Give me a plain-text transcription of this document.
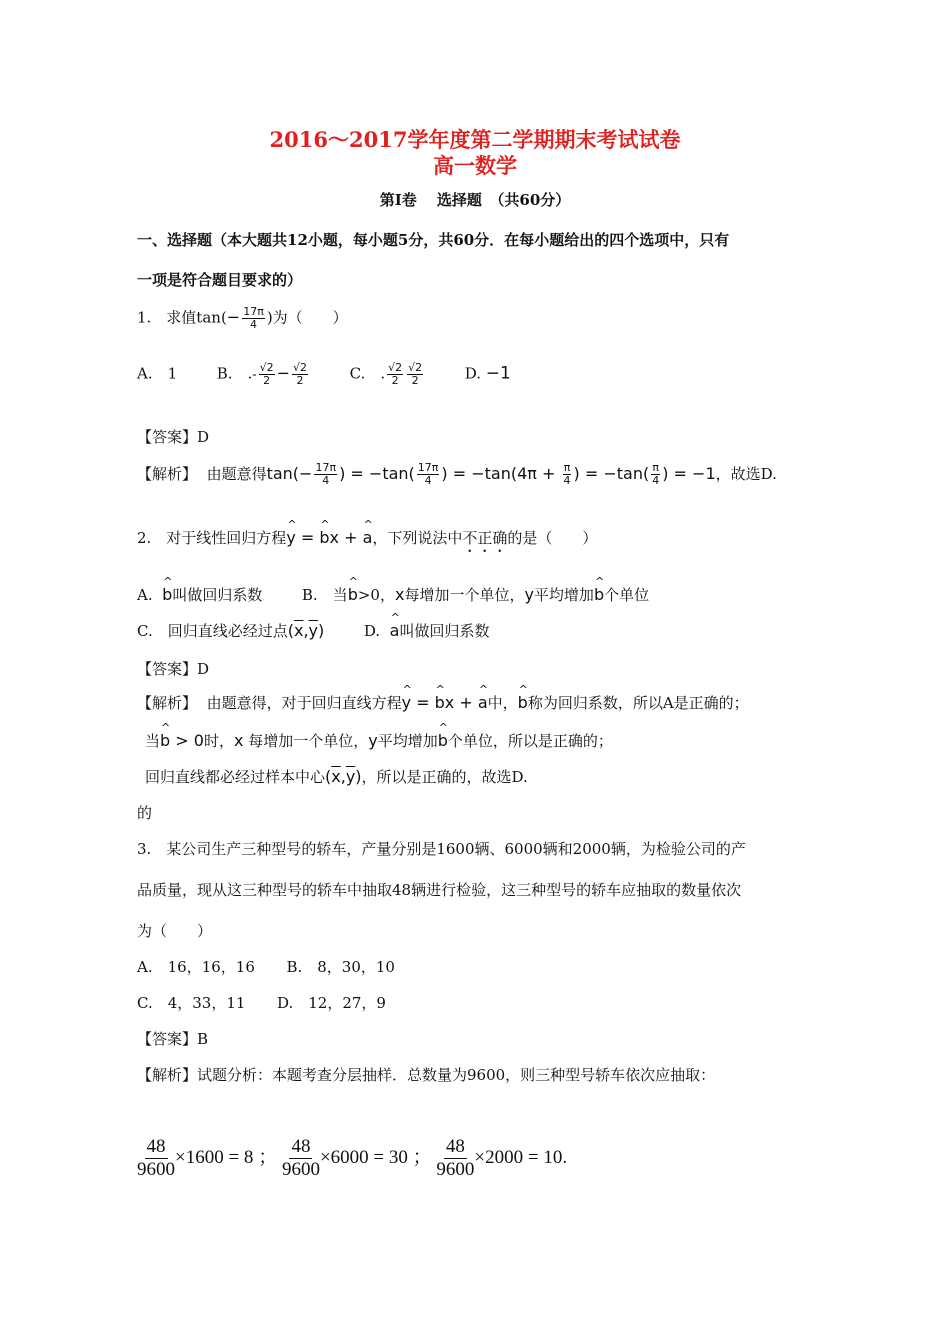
2016～2017学年度第二学期期末考试试卷
高一数学
第Ⅰ卷　 选择题　（共60分）
一、选择题（本大题共12小题，每小题5分，共60分．在每小题给出的四个选项中，只有
一项是符合题目要求的）
1.　求值$\tan(- \frac{17\pi}{4}$ )为（　　）
A.　1	B.　.- $\frac{√2}{2} - \frac{√2}{2}$	C.　. $\frac{√2}{2} \frac{√2}{2}$	D. −1
【答案】D
【解析】 由题意得$\tan(- \frac{17\pi}{4}$ ) = $-\tan( \frac{17\pi}{4}$ ) = $-\tan(4\pi + \frac{\pi}{4}$ ) = $-\tan( \frac{\pi}{4}$ ) = −1，故选D.
2.　对于线性回归方程^ y = ^ bx + ^ a，下列说法中不正确的是（　　）
A. ^ b叫做回归系数	B.　当^ b>0，x每增加一个单位，y平均增加^ b个单位
C.　回归直线必经过点$(\overline{x},\overline{y})$	D. ^ a叫做回归系数
【答案】D
【解析】 由题意得，对于回归直线方程^ y = ^ bx + ^ a中，^ b称为回归系数，所以A是正确的；
当^ b > 0时，x 每增加一个单位，y平均增加^ b个单位，所以是正确的；
回归直线都必经过样本中心$(\overline{x},\overline{y})$，所以是正确的，故选D.
的
3.　某公司生产三种型号的轿车，产量分别是1600辆、6000辆和2000辆，为检验公司的产
品质量，现从这三种型号的轿车中抽取48辆进行检验，这三种型号的轿车应抽取的数量依次
为（　　）
A.　16，16，16 B.　8，30，10
C.　4，33，11 D.　12，27，9
【答案】B
【解析】试题分析：本题考查分层抽样．总数量为9600，则三种型号轿车依次应抽取：
$\frac{48}{9600} \times 1600 = 8$ ； $\frac{48}{9600} \times 6000 = 30$ ； $\frac{48}{9600} \times 2000 = 10$.
